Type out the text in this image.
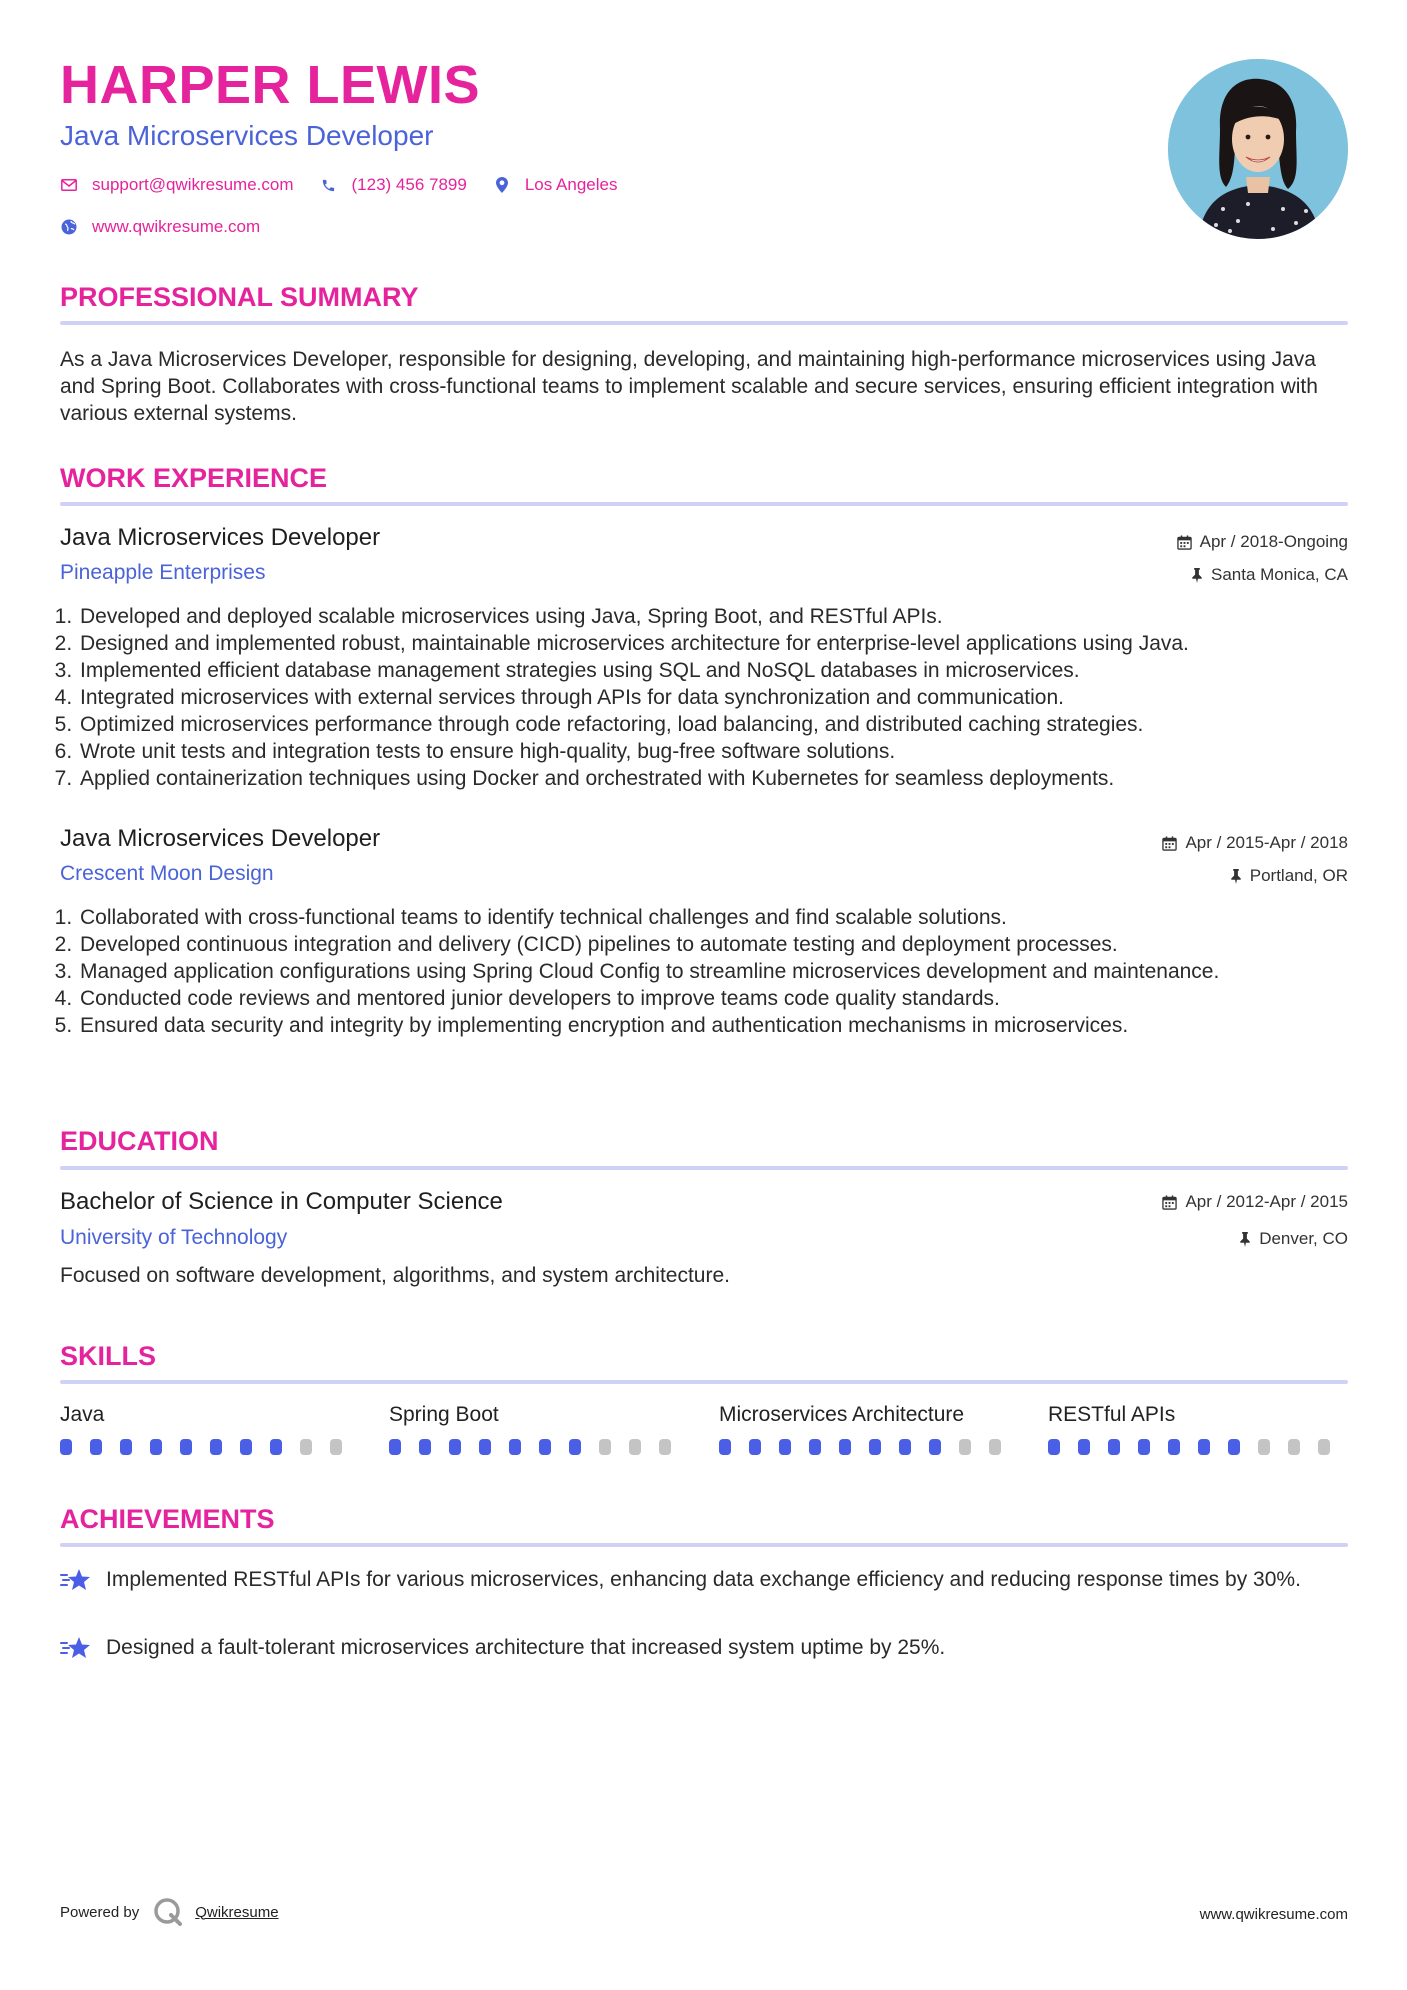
HARPER LEWIS
Java Microservices Developer
support@qwikresume.com	(123) 456 7899	Los Angeles
www.qwikresume.com
PROFESSIONAL SUMMARY

As a Java Microservices Developer, responsible for designing, developing, and maintaining high-performance microservices using Java and Spring Boot. Collaborates with cross-functional teams to implement scalable and secure services, ensuring efficient integration with various external systems.

WORK EXPERIENCE
Java Microservices Developer	Apr / 2018-Ongoing
Pineapple Enterprises	Santa Monica, CA
1. Developed and deployed scalable microservices using Java, Spring Boot, and RESTful APIs.
2. Designed and implemented robust, maintainable microservices architecture for enterprise-level applications using Java.
3. Implemented efficient database management strategies using SQL and NoSQL databases in microservices.
4. Integrated microservices with external services through APIs for data synchronization and communication.
5. Optimized microservices performance through code refactoring, load balancing, and distributed caching strategies.
6. Wrote unit tests and integration tests to ensure high-quality, bug-free software solutions.
7. Applied containerization techniques using Docker and orchestrated with Kubernetes for seamless deployments.
Java Microservices Developer	Apr / 2015-Apr / 2018
Crescent Moon Design	Portland, OR
1. Collaborated with cross-functional teams to identify technical challenges and find scalable solutions.
2. Developed continuous integration and delivery (CICD) pipelines to automate testing and deployment processes.
3. Managed application configurations using Spring Cloud Config to streamline microservices development and maintenance.
4. Conducted code reviews and mentored junior developers to improve teams code quality standards.
5. Ensured data security and integrity by implementing encryption and authentication mechanisms in microservices.
EDUCATION
Bachelor of Science in Computer Science	Apr / 2012-Apr / 2015
University of Technology	Denver, CO

Focused on software development, algorithms, and system architecture.

SKILLS
Java	Spring Boot	Microservices Architecture	RESTful APIs
ACHIEVEMENTS
Implemented RESTful APIs for various microservices, enhancing data exchange efficiency and reducing response times by 30%.
Designed a fault-tolerant microservices architecture that increased system uptime by 25%.
Powered by	Qwikresume	www.qwikresume.com
